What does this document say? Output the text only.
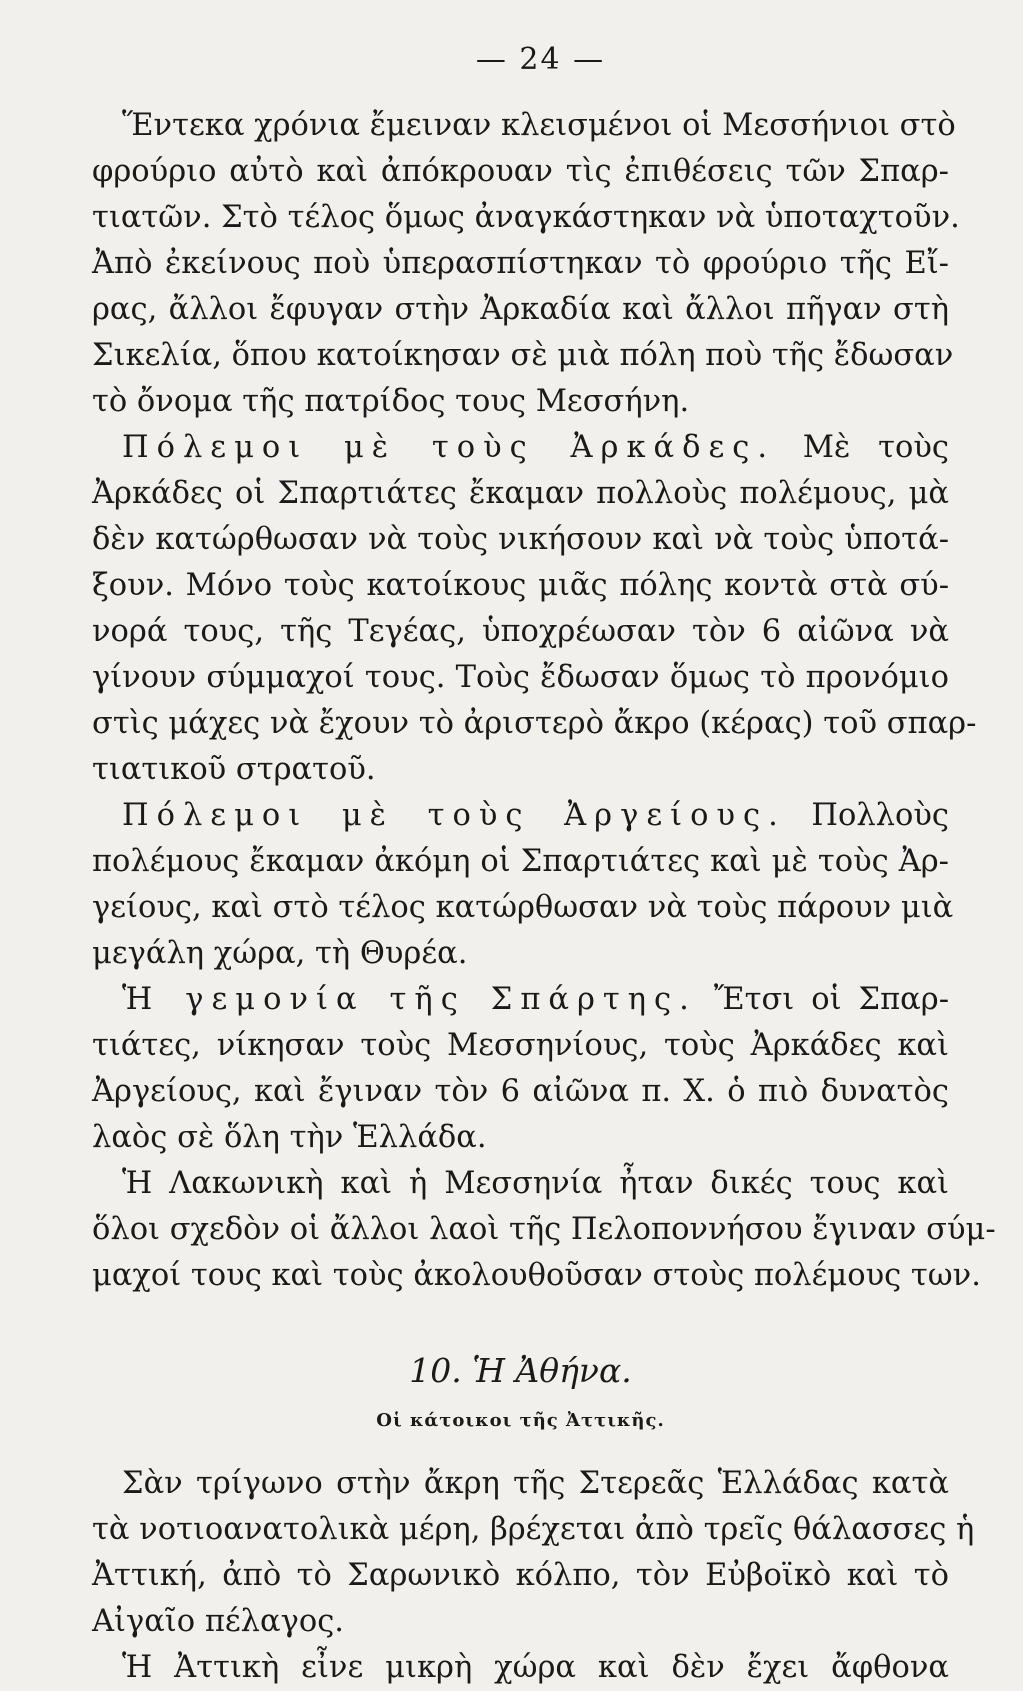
— 24 —

Ἕντεκα χρόνια ἔμειναν κλεισμένοι οἱ Μεσσήνιοι στὸ
φρούριο αὐτὸ καὶ ἀπόκρουαν τὶς ἐπιθέσεις τῶν Σπαρ-
τιατῶν. Στὸ τέλος ὅμως ἀναγκάστηκαν νὰ ὑποταχτοῦν.
Ἀπὸ ἐκείνους ποὺ ὑπερασπίστηκαν τὸ φρούριο τῆς Εἴ-
ρας, ἄλλοι ἔφυγαν στὴν Ἀρκαδία καὶ ἄλλοι πῆγαν στὴ
Σικελία, ὅπου κατοίκησαν σὲ μιὰ πόλη ποὺ τῆς ἔδωσαν
τὸ ὄνομα τῆς πατρίδος τους Μεσσήνη.

Πόλεμοι μὲ τοὺς Ἀρκάδες. Μὲ τοὺς
Ἀρκάδες οἱ Σπαρτιάτες ἔκαμαν πολλοὺς πολέμους, μὰ
δὲν κατώρθωσαν νὰ τοὺς νικήσουν καὶ νὰ τοὺς ὑποτά-
ξουν. Μόνο τοὺς κατοίκους μιᾶς πόλης κοντὰ στὰ σύ-
νορά τους, τῆς Τεγέας, ὑποχρέωσαν τὸν 6 αἰῶνα νὰ
γίνουν σύμμαχοί τους. Τοὺς ἔδωσαν ὅμως τὸ προνόμιο
στὶς μάχες νὰ ἔχουν τὸ ἀριστερὸ ἄκρο (κέρας) τοῦ σπαρ-
τιατικοῦ στρατοῦ.

Πόλεμοι μὲ τοὺς Ἀργείους. Πολλοὺς
πολέμους ἔκαμαν ἀκόμη οἱ Σπαρτιάτες καὶ μὲ τοὺς Ἀρ-
γείους, καὶ στὸ τέλος κατώρθωσαν νὰ τοὺς πάρουν μιὰ
μεγάλη χώρα, τὴ Θυρέα.

Ἡ γεμονία τῆς Σπάρτης. Ἔτσι οἱ Σπαρ-
τιάτες, νίκησαν τοὺς Μεσσηνίους, τοὺς Ἀρκάδες καὶ
Ἀργείους, καὶ ἔγιναν τὸν 6 αἰῶνα π. Χ. ὁ πιὸ δυνατὸς
λαὸς σὲ ὅλη τὴν Ἑλλάδα.

Ἡ Λακωνικὴ καὶ ἡ Μεσσηνία ἦταν δικές τους καὶ
ὅλοι σχεδὸν οἱ ἄλλοι λαοὶ τῆς Πελοποννήσου ἔγιναν σύμ-
μαχοί τους καὶ τοὺς ἀκολουθοῦσαν στοὺς πολέμους των.

10. Ἡ Ἀθήνα.
Οἱ κάτοικοι τῆς Ἀττικῆς.

Σὰν τρίγωνο στὴν ἄκρη τῆς Στερεᾶς Ἑλλάδας κατὰ
τὰ νοτιοανατολικὰ μέρη, βρέχεται ἀπὸ τρεῖς θάλασσες ἡ
Ἀττική, ἀπὸ τὸ Σαρωνικὸ κόλπο, τὸν Εὐβοϊκὸ καὶ τὸ
Αἰγαῖο πέλαγος.

Ἡ Ἀττικὴ εἶνε μικρὴ χώρα καὶ δὲν ἔχει ἄφθονα
